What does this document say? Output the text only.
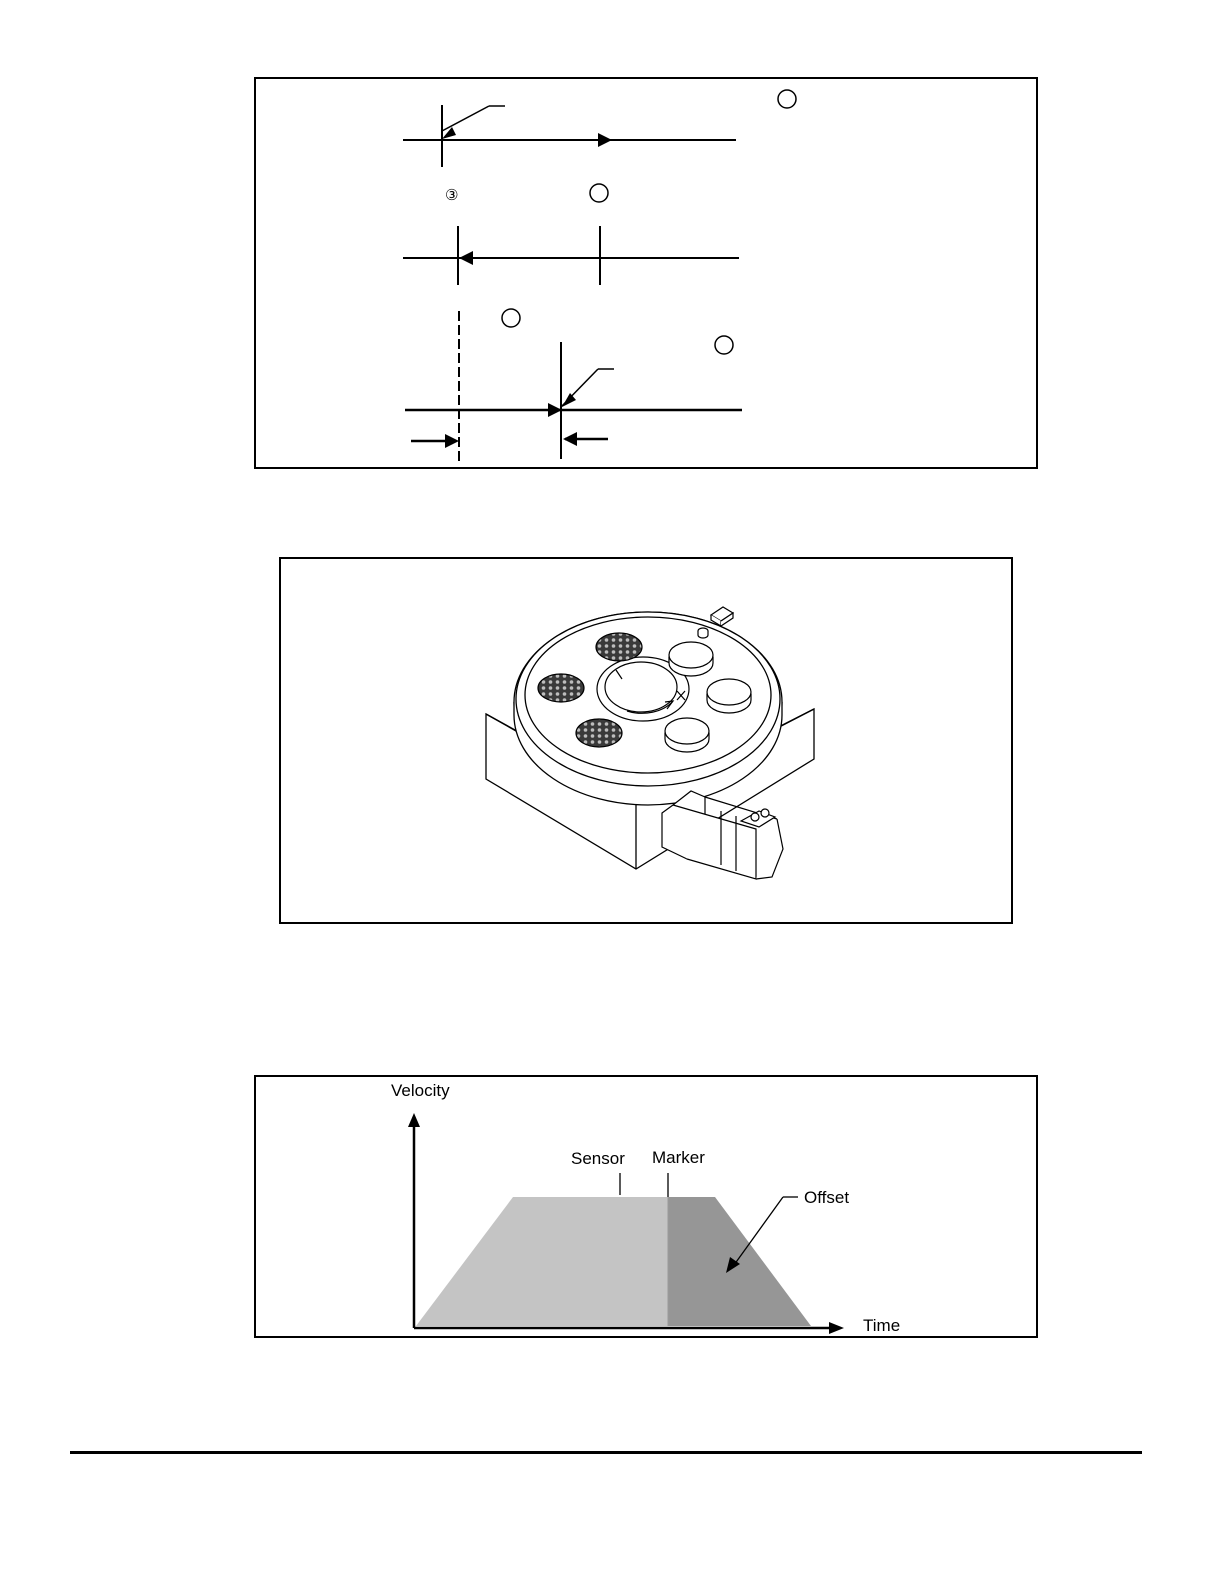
③
Velocity
Time
Sensor Marker
Offset
